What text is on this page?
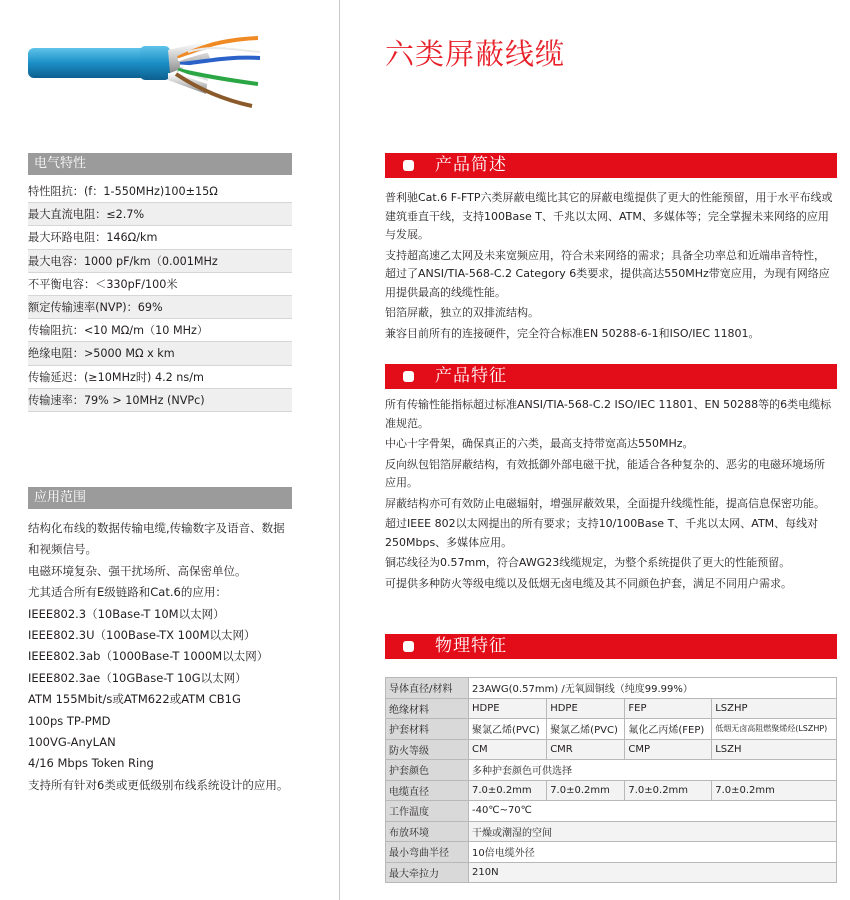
电气特性
特性阻抗：(f：1-550MHz)100±15Ω
最大直流电阻：≤2.7%
最大环路电阻：146Ω/km
最大电容：1000 pF/km（0.001MHz
不平衡电容：＜330pF/100米
额定传输速率(NVP)：69%
传输阻抗：<10 MΩ/m（10 MHz）
绝缘电阻：>5000 MΩ x km
传输延迟：(≥10MHz时) 4.2 ns/m
传输速率：79% > 10MHz (NVPc)
应用范围
结构化布线的数据传输电缆,传输数字及语音、数据和视频信号。
电磁环境复杂、强干扰场所、高保密单位。
尤其适合所有E级链路和Cat.6的应用：
IEEE802.3（10Base-T 10M以太网）
IEEE802.3U（100Base-TX 100M以太网）
IEEE802.3ab（1000Base-T 1000M以太网）
IEEE802.3ae（10GBase-T 10G以太网）
ATM 155Mbit/s或ATM622或ATM CB1G
100ps TP-PMD
100VG-AnyLAN
4/16 Mbps Token Ring
支持所有针对6类或更低级别布线系统设计的应用。
六类屏蔽线缆
产品简述

普利驰Cat.6 F-FTP六类屏蔽电缆比其它的屏蔽电缆提供了更大的性能预留，用于水平布线或建筑垂直干线，支持100Base T、千兆以太网、ATM、多媒体等；完全掌握未来网络的应用与发展。

支持超高速乙太网及未来宽频应用，符合未来网络的需求；具备全功率总和近端串音特性，超过了ANSI/TIA-568-C.2 Category 6类要求，提供高达550MHz带宽应用，为现有网络应用提供最高的线缆性能。

铝箔屏蔽，独立的双排流结构。

兼容目前所有的连接硬件，完全符合标准EN 50288-6-1和ISO/IEC 11801。

产品特征

所有传输性能指标超过标准ANSI/TIA-568-C.2 ISO/IEC 11801、EN 50288等的6类电缆标准规范。

中心十字骨架，确保真正的六类，最高支持带宽高达550MHz。

反向纵包铝箔屏蔽结构，有效抵御外部电磁干扰，能适合各种复杂的、恶劣的电磁环境场所应用。

屏蔽结构亦可有效防止电磁辐射，增强屏蔽效果，全面提升线缆性能，提高信息保密功能。

超过IEEE 802以太网提出的所有要求；支持10/100Base T、千兆以太网、ATM、每线对250Mbps、多媒体应用。

铜芯线径为0.57mm，符合AWG23线缆规定，为整个系统提供了更大的性能预留。

可提供多种防火等级电缆以及低烟无卤电缆及其不同颜色护套，满足不同用户需求。

物理特征
导体直径/材料	23AWG(0.57mm) /无氧圆铜线（纯度99.99%）			
绝缘材料	HDPE	HDPE	FEP	LSZHP
护套材料	聚氯乙烯(PVC)	聚氯乙烯(PVC)	氟化乙丙烯(FEP)	低烟无卤高阻燃聚烯烃(LSZHP)
防火等级	CM	CMR	CMP	LSZH
护套颜色	多种护套颜色可供选择			
电缆直径	7.0±0.2mm	7.0±0.2mm	7.0±0.2mm	7.0±0.2mm
工作温度	-40℃~70℃			
布放环境	干燥或潮湿的空间			
最小弯曲半径	10倍电缆外径			
最大牵拉力	210N			
